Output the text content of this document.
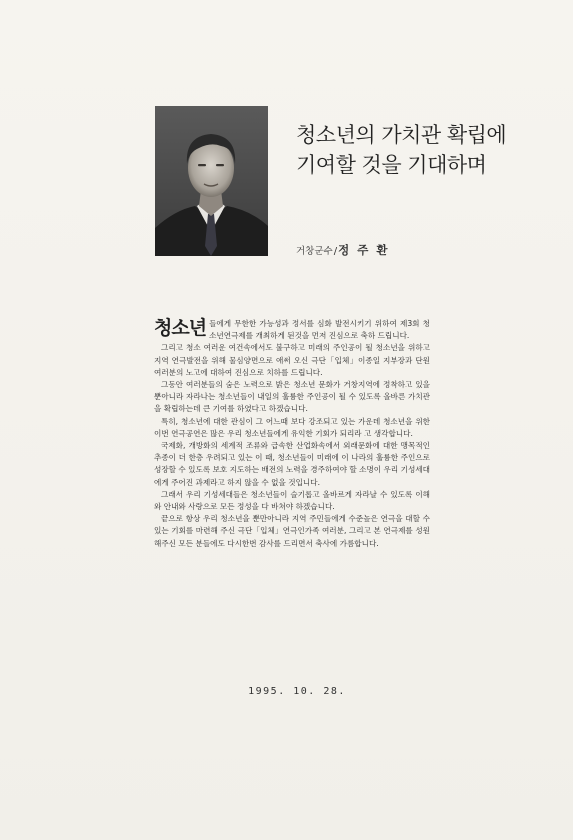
청소년의 가치관 확립에
기여할 것을 기대하며
거창군수/정 주 환

청소년 들에게 무한한 가능성과 정서를 심화 발전시키기 위하여 제3회 청소년연극제를 개최하게 된것을 먼저 진심으로 축하 드립니다.

그리고 청소 여러운 여건속에서도 불구하고 미래의 주인공이 될 청소년을 위하고 지역 연극발전을 위해 물심양면으로 애써 오신 극단「입체」이종일 지부장과 단원 여러분의 노고에 대하여 진심으로 치하를 드립니다.

그동안 여러분들의 숨은 노력으로 밝은 청소년 문화가 거창지역에 정착하고 있을 뿐아니라 자라나는 청소년들이 내일의 훌륭한 주인공이 될 수 있도록 올바른 가치관을 확립하는데 큰 기여를 하였다고 하겠습니다.

특히, 청소년에 대한 관심이 그 어느때 보다 강조되고 있는 가운데 청소년을 위한 이번 연극공연은 많은 우리 청소년들에게 유익한 기회가 되리라 고 생각합니다.

국제화, 개방화의 세계적 조류와 급속한 산업화속에서 외래문화에 대한 맹목적인 추종이 더 한층 우려되고 있는 이 때, 청소년들이 미래에 이 나라의 훌륭한 주인으로 성장할 수 있도록 보호 지도하는 배전의 노력을 경주하여야 할 소명이 우리 기성세대에게 주어진 과제라고 하지 않을 수 없을 것입니다.

그래서 우리 기성세대들은 청소년들이 슬기롭고 올바르게 자라날 수 있도록 이해와 안내와 사랑으로 모든 정성을 다 바쳐야 하겠습니다.

끝으로 항상 우리 청소년을 뿐만아니라 지역 주민들에게 수준높은 연극을 대할 수 있는 기회를 마련해 주신 극단「입체」연극인가족 여러분, 그리고 본 연극제를 성원해주신 모든 분들에도 다시한번 감사를 드리면서 축사에 가름합니다.

1995. 10. 28.
